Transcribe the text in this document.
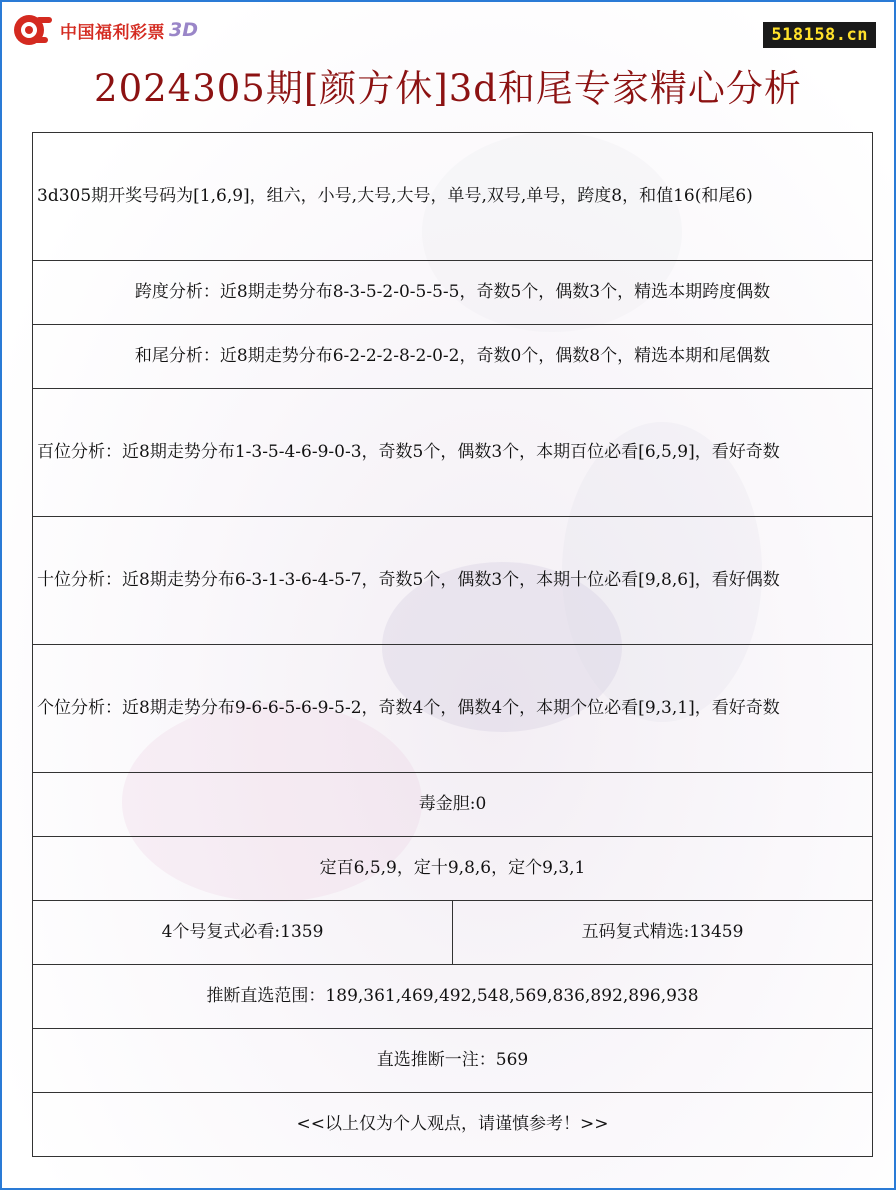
中国福利彩票 3D	518158.cn
2024305期[颜方休]3d和尾专家精心分析
3d305期开奖号码为[1,6,9]，组六，小号,大号,大号，单号,双号,单号，跨度8，和值16(和尾6)
跨度分析：近8期走势分布8-3-5-2-0-5-5-5，奇数5个，偶数3个，精选本期跨度偶数
和尾分析：近8期走势分布6-2-2-2-8-2-0-2，奇数0个，偶数8个，精选本期和尾偶数
百位分析：近8期走势分布1-3-5-4-6-9-0-3，奇数5个，偶数3个，本期百位必看[6,5,9]，看好奇数
十位分析：近8期走势分布6-3-1-3-6-4-5-7，奇数5个，偶数3个，本期十位必看[9,8,6]，看好偶数
个位分析：近8期走势分布9-6-6-5-6-9-5-2，奇数4个，偶数4个，本期个位必看[9,3,1]，看好奇数
毒金胆:0
定百6,5,9，定十9,8,6，定个9,3,1
4个号复式必看:1359	五码复式精选:13459
推断直选范围：189,361,469,492,548,569,836,892,896,938
直选推断一注：569
<<以上仅为个人观点，请谨慎参考！>>
